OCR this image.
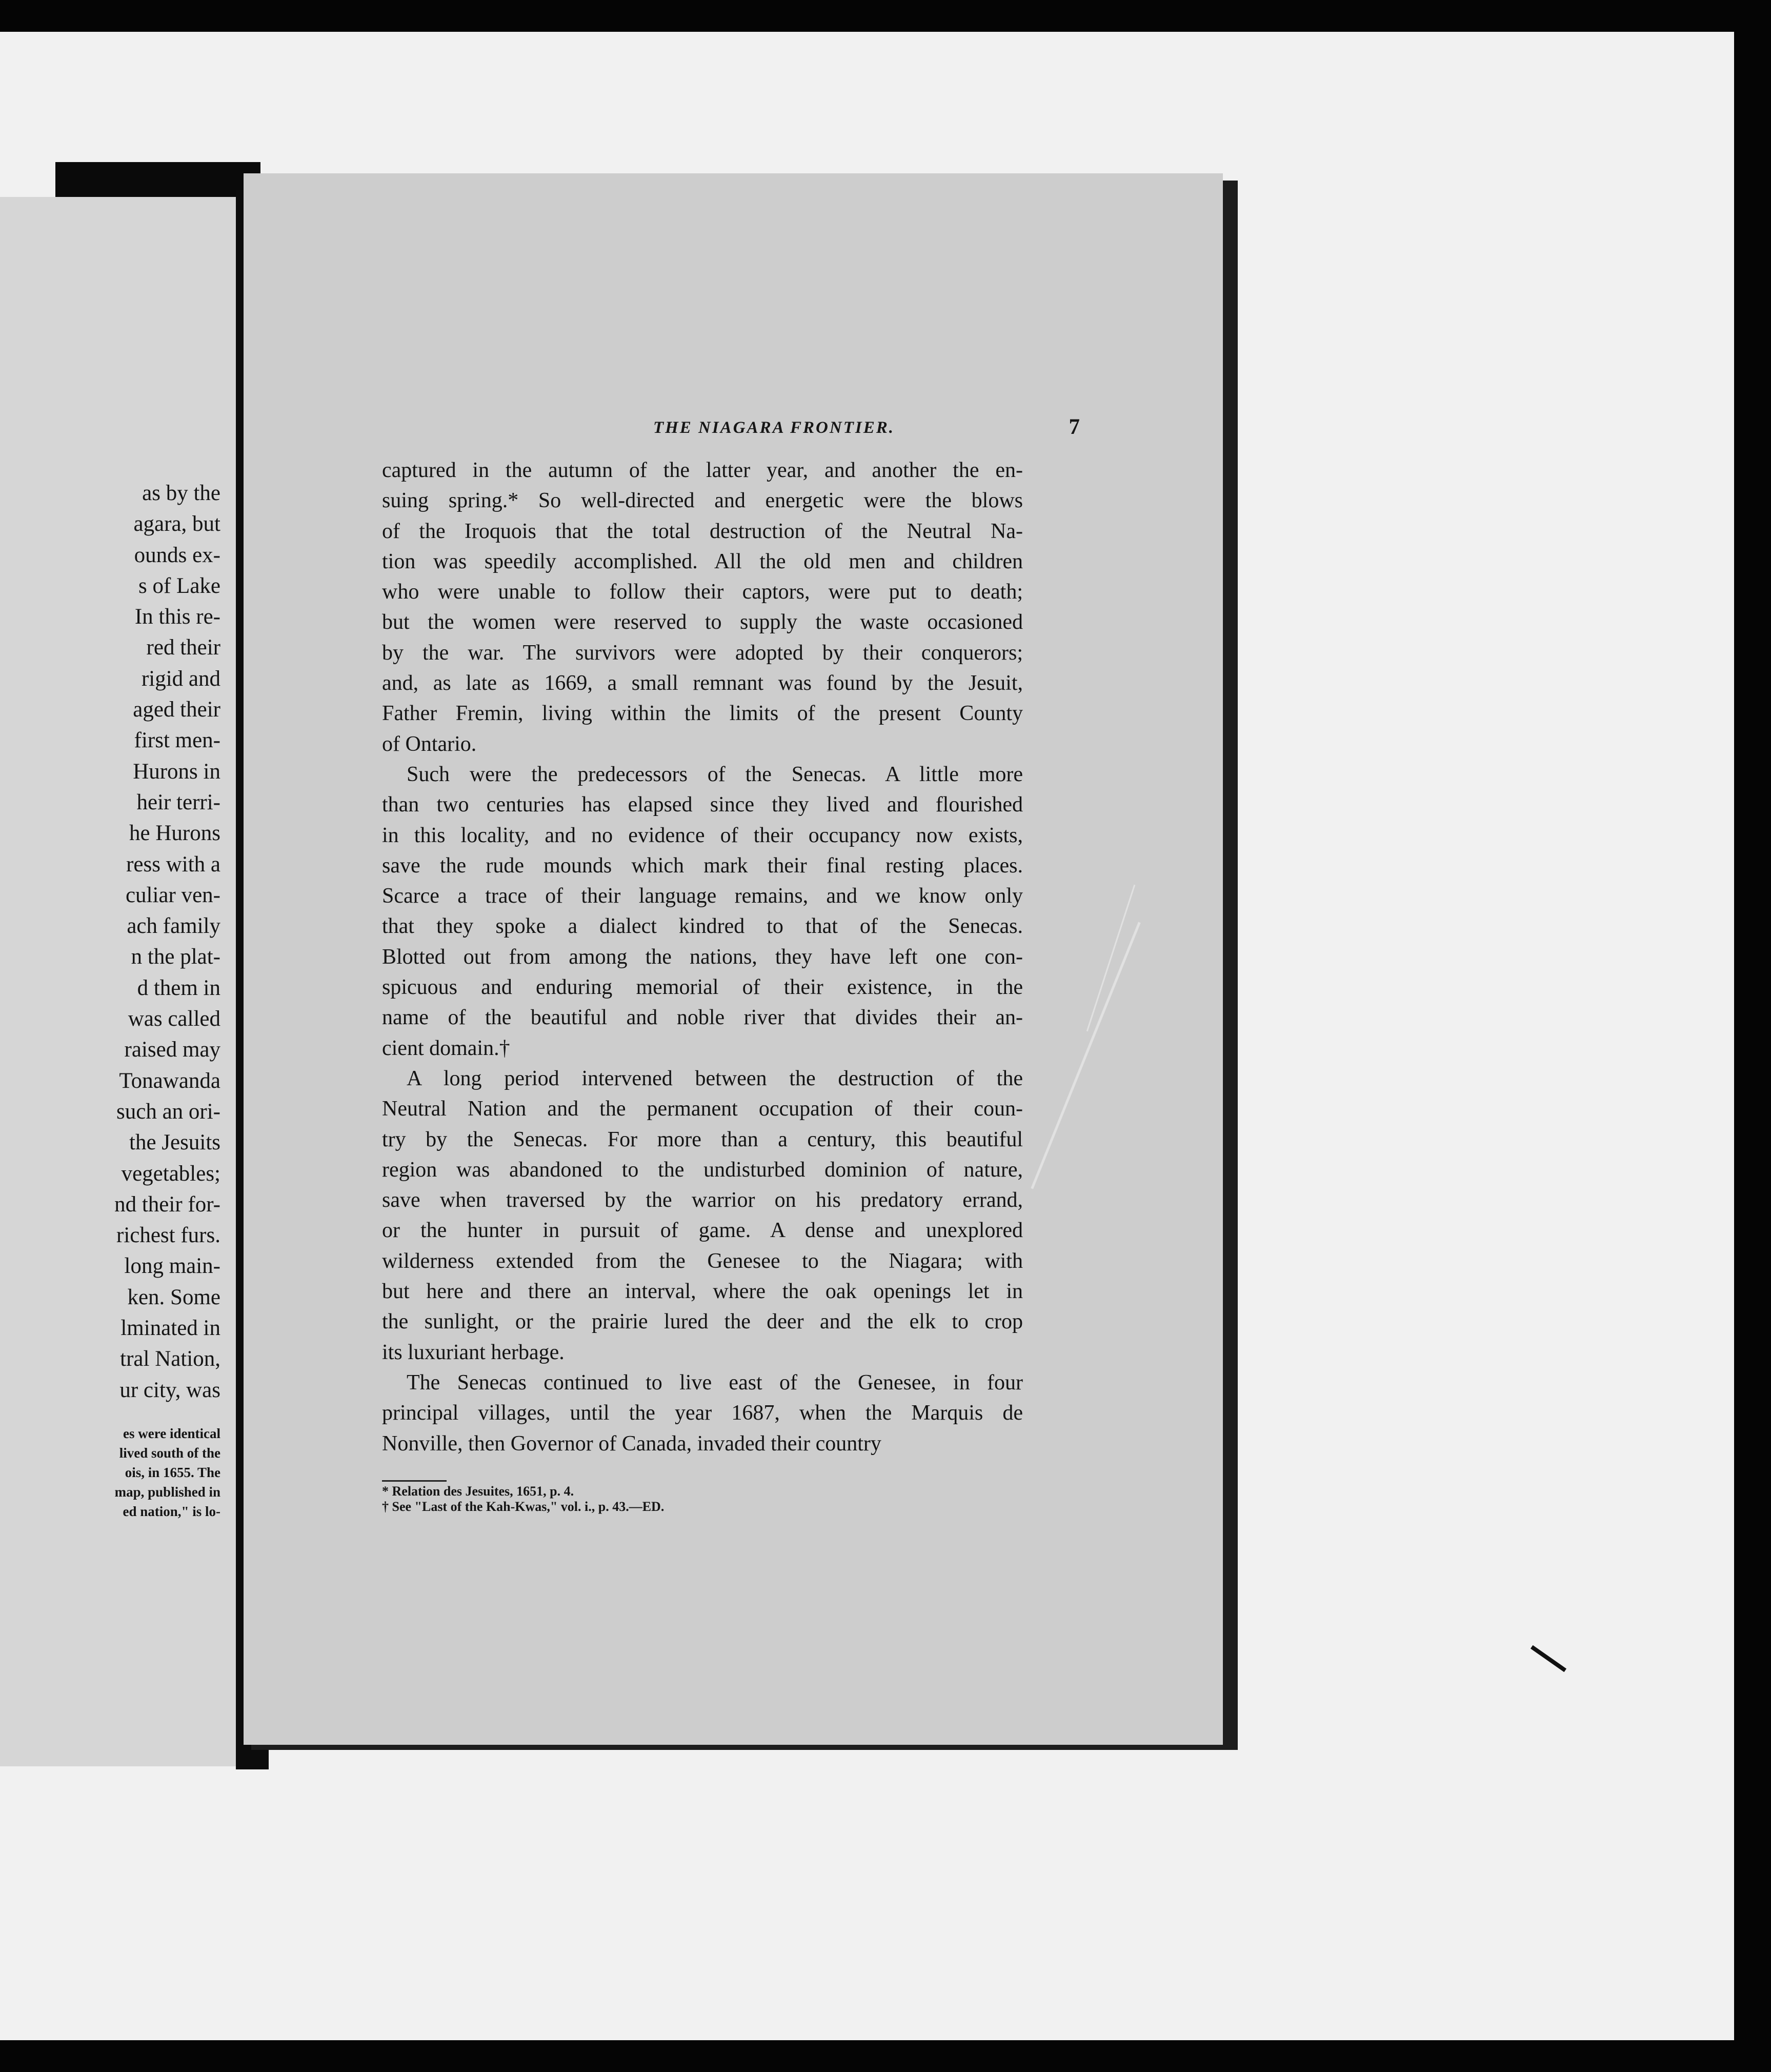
as by the
agara, but
ounds ex-
s of Lake
In this re-
red their
rigid and
aged their
first men-
Hurons in
heir terri-
he Hurons
ress with a
culiar ven-
ach family
n the plat-
d them in
was called
raised may
Tonawanda
such an ori-
the Jesuits
vegetables;
nd their for-
richest furs.
long main-
ken. Some
lminated in
tral Nation,
ur city, was
es were identical
lived south of the
ois, in 1655. The
map, published in
ed nation," is lo-
THE NIAGARA FRONTIER.	7
captured in the autumn of the latter year, and another the en-
suing spring.* So well-directed and energetic were the blows
of the Iroquois that the total destruction of the Neutral Na-
tion was speedily accomplished. All the old men and children
who were unable to follow their captors, were put to death;
but the women were reserved to supply the waste occasioned
by the war. The survivors were adopted by their conquerors;
and, as late as 1669, a small remnant was found by the Jesuit,
Father Fremin, living within the limits of the present County
of Ontario.
Such were the predecessors of the Senecas. A little more
than two centuries has elapsed since they lived and flourished
in this locality, and no evidence of their occupancy now exists,
save the rude mounds which mark their final resting places.
Scarce a trace of their language remains, and we know only
that they spoke a dialect kindred to that of the Senecas.
Blotted out from among the nations, they have left one con-
spicuous and enduring memorial of their existence, in the
name of the beautiful and noble river that divides their an-
cient domain.†
A long period intervened between the destruction of the
Neutral Nation and the permanent occupation of their coun-
try by the Senecas. For more than a century, this beautiful
region was abandoned to the undisturbed dominion of nature,
save when traversed by the warrior on his predatory errand,
or the hunter in pursuit of game. A dense and unexplored
wilderness extended from the Genesee to the Niagara; with
but here and there an interval, where the oak openings let in
the sunlight, or the prairie lured the deer and the elk to crop
its luxuriant herbage.
The Senecas continued to live east of the Genesee, in four
principal villages, until the year 1687, when the Marquis de
Nonville, then Governor of Canada, invaded their country
* Relation des Jesuites, 1651, p. 4.
† See "Last of the Kah-Kwas," vol. i., p. 43.—ED.
